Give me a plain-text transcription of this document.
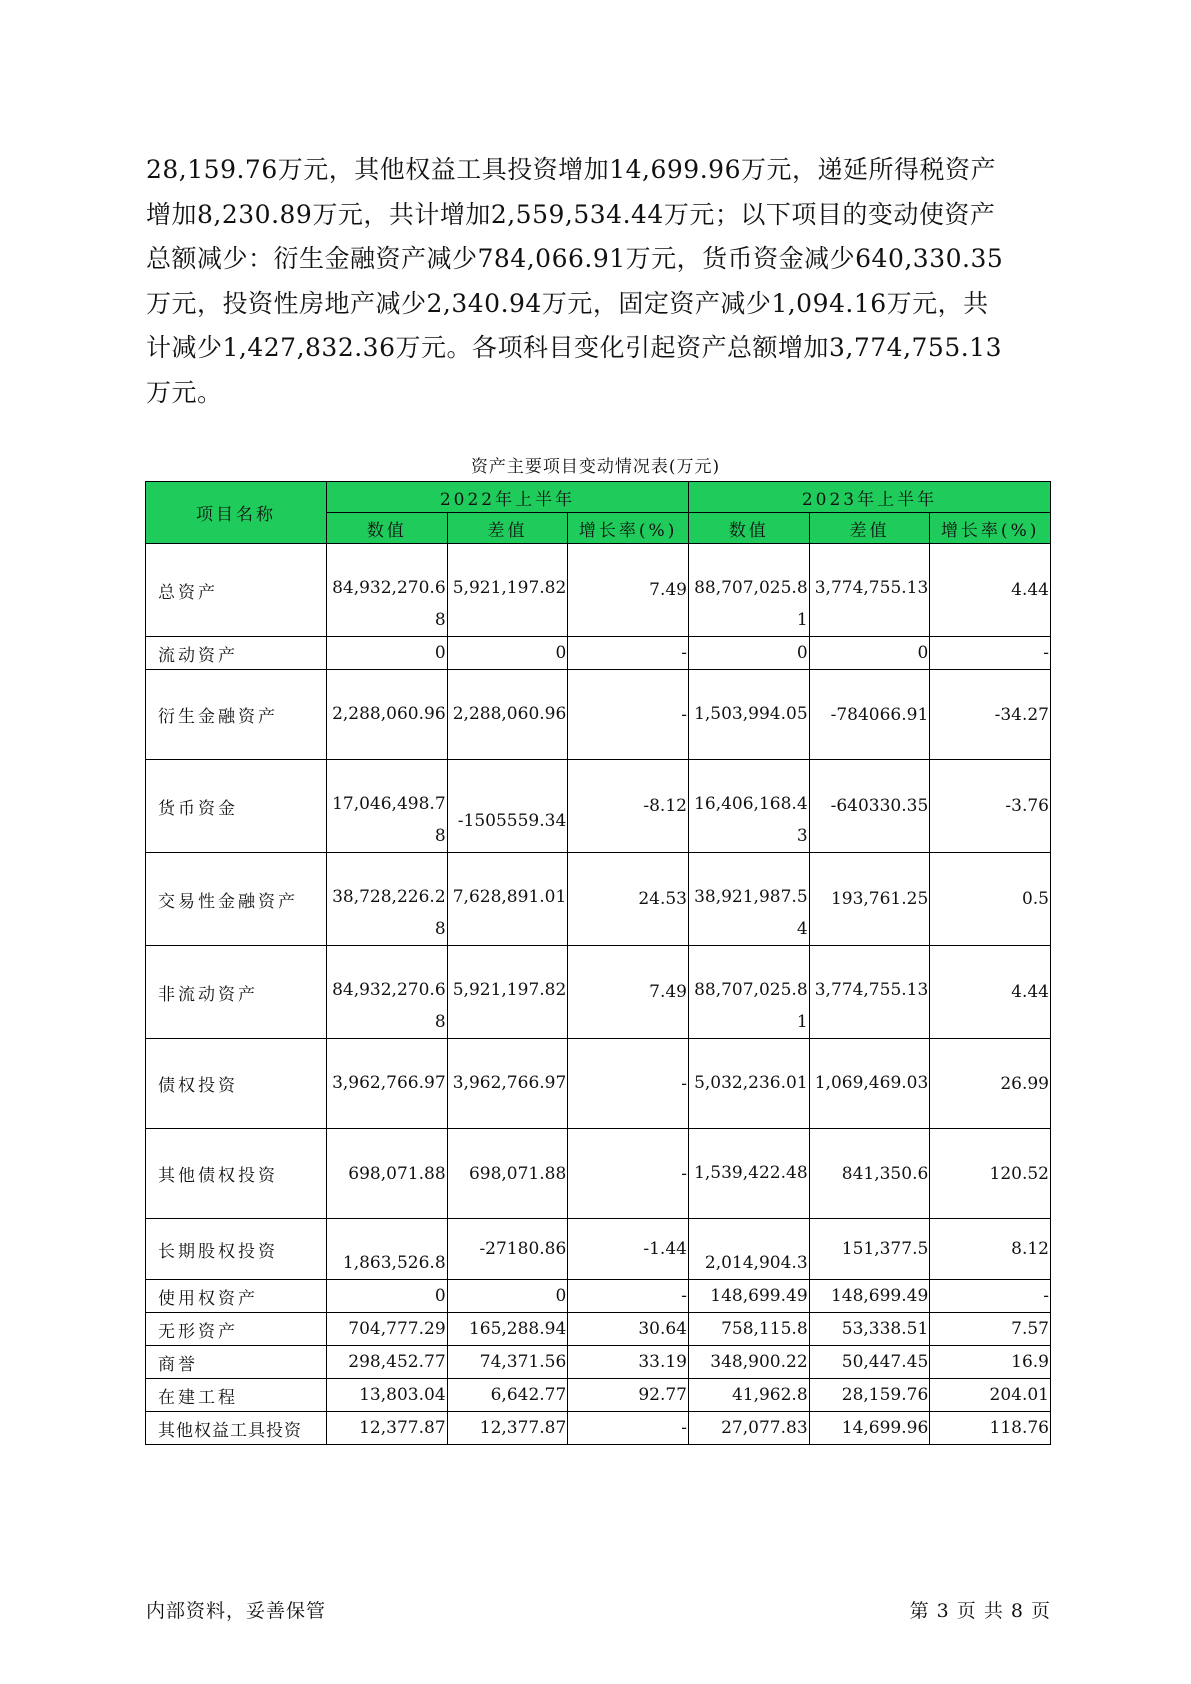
28,159.76万元，其他权益工具投资增加14,699.96万元，递延所得税资产
增加8,230.89万元，共计增加2,559,534.44万元；以下项目的变动使资产
总额减少：衍生金融资产减少784,066.91万元，货币资金减少640,330.35
万元，投资性房地产减少2,340.94万元，固定资产减少1,094.16万元，共
计减少1,427,832.36万元。各项科目变化引起资产总额增加3,774,755.13
万元。
资产主要项目变动情况表(万元)
项目名称	2022年上半年			2023年上半年		
	数值	差值	增长率(%)	数值	差值	增长率(%)
总资产	84,932,270.68	5,921,197.82	7.49	88,707,025.81	3,774,755.13	4.44
流动资产	0	0	-	0	0	-
衍生金融资产	2,288,060.96	2,288,060.96	-	1,503,994.05	-784066.91	-34.27
货币资金	17,046,498.78	-1505559.34	-8.12	16,406,168.43	-640330.35	-3.76
交易性金融资产	38,728,226.28	7,628,891.01	24.53	38,921,987.54	193,761.25	0.5
非流动资产	84,932,270.68	5,921,197.82	7.49	88,707,025.81	3,774,755.13	4.44
债权投资	3,962,766.97	3,962,766.97	-	5,032,236.01	1,069,469.03	26.99
其他债权投资	698,071.88	698,071.88	-	1,539,422.48	841,350.6	120.52
长期股权投资	1,863,526.8	-27180.86	-1.44	2,014,904.3	151,377.5	8.12
使用权资产	0	0	-	148,699.49	148,699.49	-
无形资产	704,777.29	165,288.94	30.64	758,115.8	53,338.51	7.57
商誉	298,452.77	74,371.56	33.19	348,900.22	50,447.45	16.9
在建工程	13,803.04	6,642.77	92.77	41,962.8	28,159.76	204.01
其他权益工具投资	12,377.87	12,377.87	-	27,077.83	14,699.96	118.76
内部资料，妥善保管	第 3 页 共 8 页
